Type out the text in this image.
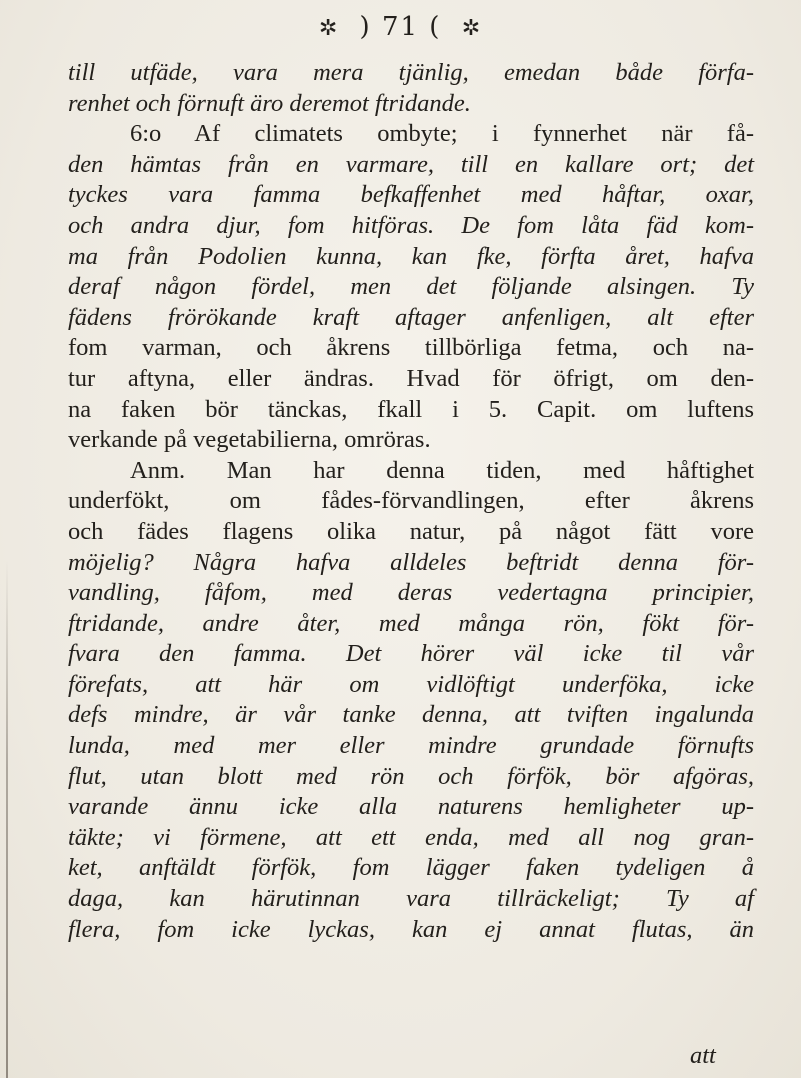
✲ ) 71 ( ✲
till utfäde, vara mera tjänlig, emedan både förfa-
renhet och förnuft äro deremot ftridande.
6:o Af climatets ombyte; i fynnerhet när få-
den hämtas från en varmare, till en kallare ort; det
tyckes vara famma befkaffenhet med håftar, oxar,
och andra djur, fom hitföras. De fom låta fäd kom-
ma från Podolien kunna, kan fke, förfta året, hafva
deraf någon fördel, men det följande alsingen. Ty
fädens frörökande kraft aftager anfenligen, alt efter
fom varman, och åkrens tillbörliga fetma, och na-
tur aftyna, eller ändras. Hvad för öfrigt, om den-
na faken bör tänckas, fkall i 5. Capit. om luftens
verkande på vegetabilierna, omröras.
Anm. Man har denna tiden, med håftighet
underfökt, om fådes-förvandlingen, efter åkrens
och fädes flagens olika natur, på något fätt vore
möjelig? Några hafva alldeles beftridt denna för-
vandling, fåfom, med deras vedertagna principier,
ftridande, andre åter, med många rön, fökt för-
fvara den famma. Det hörer väl icke til vår
förefats, att här om vidlöftigt underföka, icke
defs mindre, är vår tanke denna, att tviften ingalunda
lunda, med mer eller mindre grundade förnufts
flut, utan blott med rön och förfök, bör afgöras,
varande ännu icke alla naturens hemligheter up-
täkte; vi förmene, att ett enda, med all nog gran-
ket, anftäldt förfök, fom lägger faken tydeligen å
daga, kan härutinnan vara tillräckeligt; Ty af
flera, fom icke lyckas, kan ej annat flutas, än
att
